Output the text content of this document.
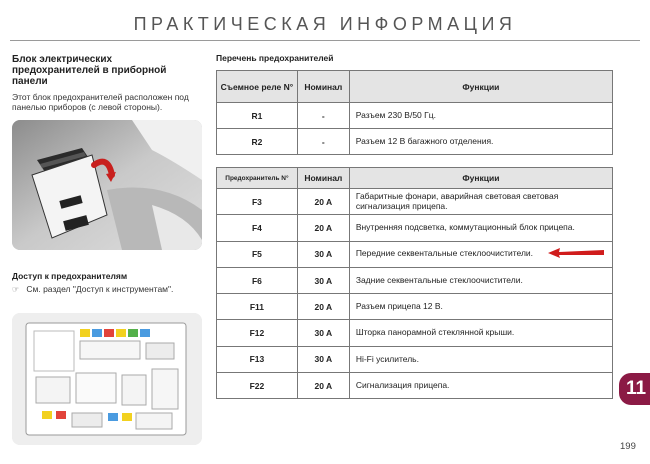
ПРАКТИЧЕСКАЯ ИНФОРМАЦИЯ
Блок электрических предохранителей в приборной панели
Этот блок предохранителей расположен под панелью приборов (с левой стороны).
Доступ к предохранителям
☞ См. раздел "Доступ к инструментам".
Перечень предохранителей
Съемное реле N°	Номинал	Функции
R1	-	Разъем 230 В/50 Гц.
R2	-	Разъем 12 В багажного отделения.
Предохранитель N°	Номинал	Функции
F3	20 A	Габаритные фонари, аварийная световая световая сигнализация прицепа.
F4	20 A	Внутренняя подсветка, коммутационный блок прицепа.
F5	30 A	Передние секвентальные стеклоочистители.

F6	30 A	Задние секвентальные стеклоочистители.
F11	20 A	Разъем прицепа 12 В.
F12	30 A	Шторка панорамной стеклянной крыши.
F13	30 A	Hi-Fi усилитель.
F22	20 A	Сигнализация прицепа.	11
199
